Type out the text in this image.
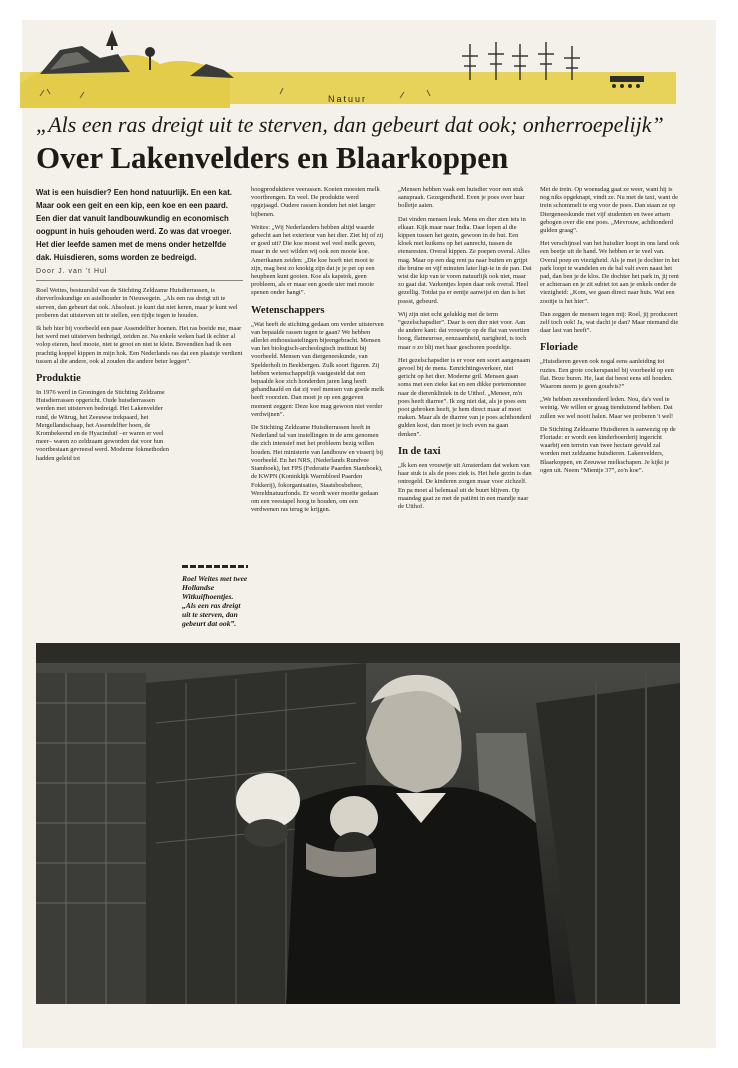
Natuur
„Als een ras dreigt uit te sterven, dan gebeurt dat ook; onherroepelijk”
Over Lakenvelders en Blaarkoppen
Wat is een huisdier? Een hond natuurlijk. En een kat. Maar ook een geit en een kip, een koe en een paard. Een dier dat vanuit landbouwkundig en economisch oogpunt in huis gehouden werd. Zo was dat vroeger. Het dier leefde samen met de mens onder hetzelfde dak. Huisdieren, soms worden ze bedreigd.
Door J. van 't Hul

Roel Weites, bestuurslid van de Stichting Zeldzame Huisdierrassen, is dierverloskundige en asielhouder in Nieuwegein. „Als een ras dreigt uit te sterven, dan gebeurt dat ook. Absoluut. je kunt dat niet keren, maar je kunt wel proberen dat uitsterven uit te stellen, een tijdje tegen te houden.

Ik heb hier bij voorbeeld een paar Assendelfter hoenen. Het ras boeide me, maar het werd met uitsterven bedreigd, zeiden ze. Na enkele weken had ik echter al volop eieren, heel mooie, niet te groot en niet te klein. Bovendien had ik een prachtig koppel kippen in mijn hok. Een Nederlands ras dat een plaatsje verdient tussen al die andere, ook al zouden die andere beter leggen”.

Produktie

In 1976 werd in Groningen de Stichting Zeldzame Huisdierrassen opgericht. Oude huisdierrassen werden met uitsterven bedreigd. Het Lakenvelder rund, de Witrug, het Zeeuwse trekpaard, het Mergellandschaap, het Assendelfter hoen, de Krombekeend en de Hyacinduif –er waren er veel meer– waren zo zeldzaam geworden dat voor hun voortbestaan gevreesd werd. Moderne fokmethoden hadden geleid tot

Roel Weites met twee Hollandse Witkuifhoentjes. „Als een ras dreigt uit te sterven, dan gebeurt dat ook”.

hoogproduktieve veerassen. Koeien moesten melk voortbrengen. En veel. De produktie werd opgejaagd. Oudere rassen konden het niet langer bijbenen.

Weites: „Wij Nederlanders hebben altijd waarde gehecht aan het exterieur van het dier. Ziet hij of zij er goed uit? Die koe moest wel veel melk geven, maar in de wei wilden wij ook een mooie koe. Amerikanen zeiden: „Die koe hoeft niet mooi te zijn, mag best zo knokig zijn dat je je pet op een heupbeen kunt gooien. Koe als kapstok, geen probleem, als er maar een goede uier met mooie spenen onder hangt”.

Wetenschappers

„Wat heeft de stichting gedaan om verder uitsterven van bepaalde rassen tegen te gaan? We hebben allerlei enthousiastelingen bijeengebracht. Mensen van het biologisch-archeologisch instituut bij voorbeeld. Mensen van diergeneeskunde, van Spelderholt in Beekbergen. Zulk soort figuren. Zij hebben wetenschappelijk vastgesteld dat een bepaalde koe zich honderden jaren lang heeft gehandhaafd en dat zij veel mensen van goede melk heeft voorzien. Dan moet je op een gegeven moment zeggen: Deze koe mag gewoon niet verder verdwijnen”.

De Stichting Zeldzame Huisdierrassen heeft in Nederland tal van instellingen in de arm genomen die zich intensief met het probleem bezig willen houden. Het ministerie van landbouw en visserij bij voorbeeld. En het NRS, (Nederlands Rundvee Stamboek), het FPS (Federatie Paarden Stamboek), de KWPN (Koninklijk Warmbloed Paarden Fokkerij), fokorganisaties, Staatsbosbeheer, Wereldnatuurfonds. Er wordt weer moeite gedaan om een veestapel hoog te houden, om een verdwenen ras terug te krijgen.

„Mensen hebben vaak een huisdier voor een stuk aanspraak. Gezegendheid. Even je poes over haar bolletje aaien.

Dat vinden mensen leuk. Mens en dier zien iets in elkaar. Kijk maar naar India. Daar lopen al die kippen tussen het gezin, gewoon in de hut. Een kloek met kuikens op het aanrecht, tussen de etensresten. Overal kippen. Ze poepen overal. Alles mag. Maar op een dag rent pa naar buiten en grijpt die bruine en vijf minuten later ligt-ie in de pan. Dat wist die kip van te voren natuurlijk ook niet, maar zo gaat dat. Varkentjes lopen daar ook overal. Heel gezellig. Totdat pa er eentje aanwijst en dan is het psssst, gebeurd.

Wij zijn niet echt gelukkig met de term “gezelschapsdier”. Daar is een dier niet voor. Aan de andere kant: dat vrouwtje op de flat van veertien hoog, flatneurose, eenzaamheid, narigheid, is toch maar o zo blij met haar geschoren poedeltje.

Het gezelschapsdier is er voor een soort aangenaam gevoel bij de mens. Eenrichtingsverkeer, niet gericht op het dier. Moderne gril. Mensen gaan soms met een zieke kat en een dikke portemonnee naar de dierenkliniek in de Uithof. „Meneer, m'n poes heeft diarree”. Ik zeg niet dat, als je poes een poot gebroken heeft, je hem direct maar af moet maken. Maar als de diarree van je poes achthonderd gulden kost, dan moet je toch even na gaan denken”.

In de taxi

„Ik ken een vrouwtje uit Amsterdam dat weken van haar stuk is als de poes ziek is. Het hele gezin is dan ontregeld. De kinderen zorgen maar voor zichzelf. En pa moet al helemaal uit de buurt blijven. Op maandag gaat ze met de patiënt in een mandje naar de Uithof.

Met de trein. Op woensdag gaat ze weer, want hij is nog niks opgeknapt, vindt ze. Nu met de taxi, want de trein schommelt te erg voor de poes. Dan staan ze op Diergeneeskunde met vijf studenten en twee artsen gebogen over die ene poes. „Mevrouw, achthonderd gulden graag”.

Het verschijnsel van het huisdier loopt in ons land ook een beetje uit de hand. We hebben er te veel van. Overal poep en viezigheid. Als je met je dochter in het park loopt te wandelen en de bal valt even naast het pad, dan ben je de klos. De dochter het park in, jij rent er achteraan en je zit subiet tot aan je enkels onder de viezigheid: „Kom, we gaan direct naar huis. Wat een zooitje is het hier”.

Dan zeggen de mensen tegen mij: Roel, jij produceert zelf toch ook! Ja, wat dacht je dan? Maar niemand die daar last van heeft”.

Floriade

„Huisdieren geven ook nogal eens aanleiding tot ruzies. Een grote cockerspaniel bij voorbeeld op een flat. Boze buren. He, laat dat beest eens stil houden. Waarom neem je geen goudvis?”

„We hebben zevenhonderd leden. Nou, da's veel te weinig. We willen er graag tienduizend hebben. Dat zullen we wel nooit halen. Maar we proberen 't wel!

De Stichting Zeldzame Huisdieren is aanwezig op de Floriade: er wordt een kinderboerderij ingericht waarbij een terrein van twee hectare gevuld zal worden met zeldzame huisdieren. Lakenvelders, Blaarkoppen, en Zeeuwse melkschapen. Je kijkt je ogen uit. Neem “Mientje 37”, zo'n koe”.
